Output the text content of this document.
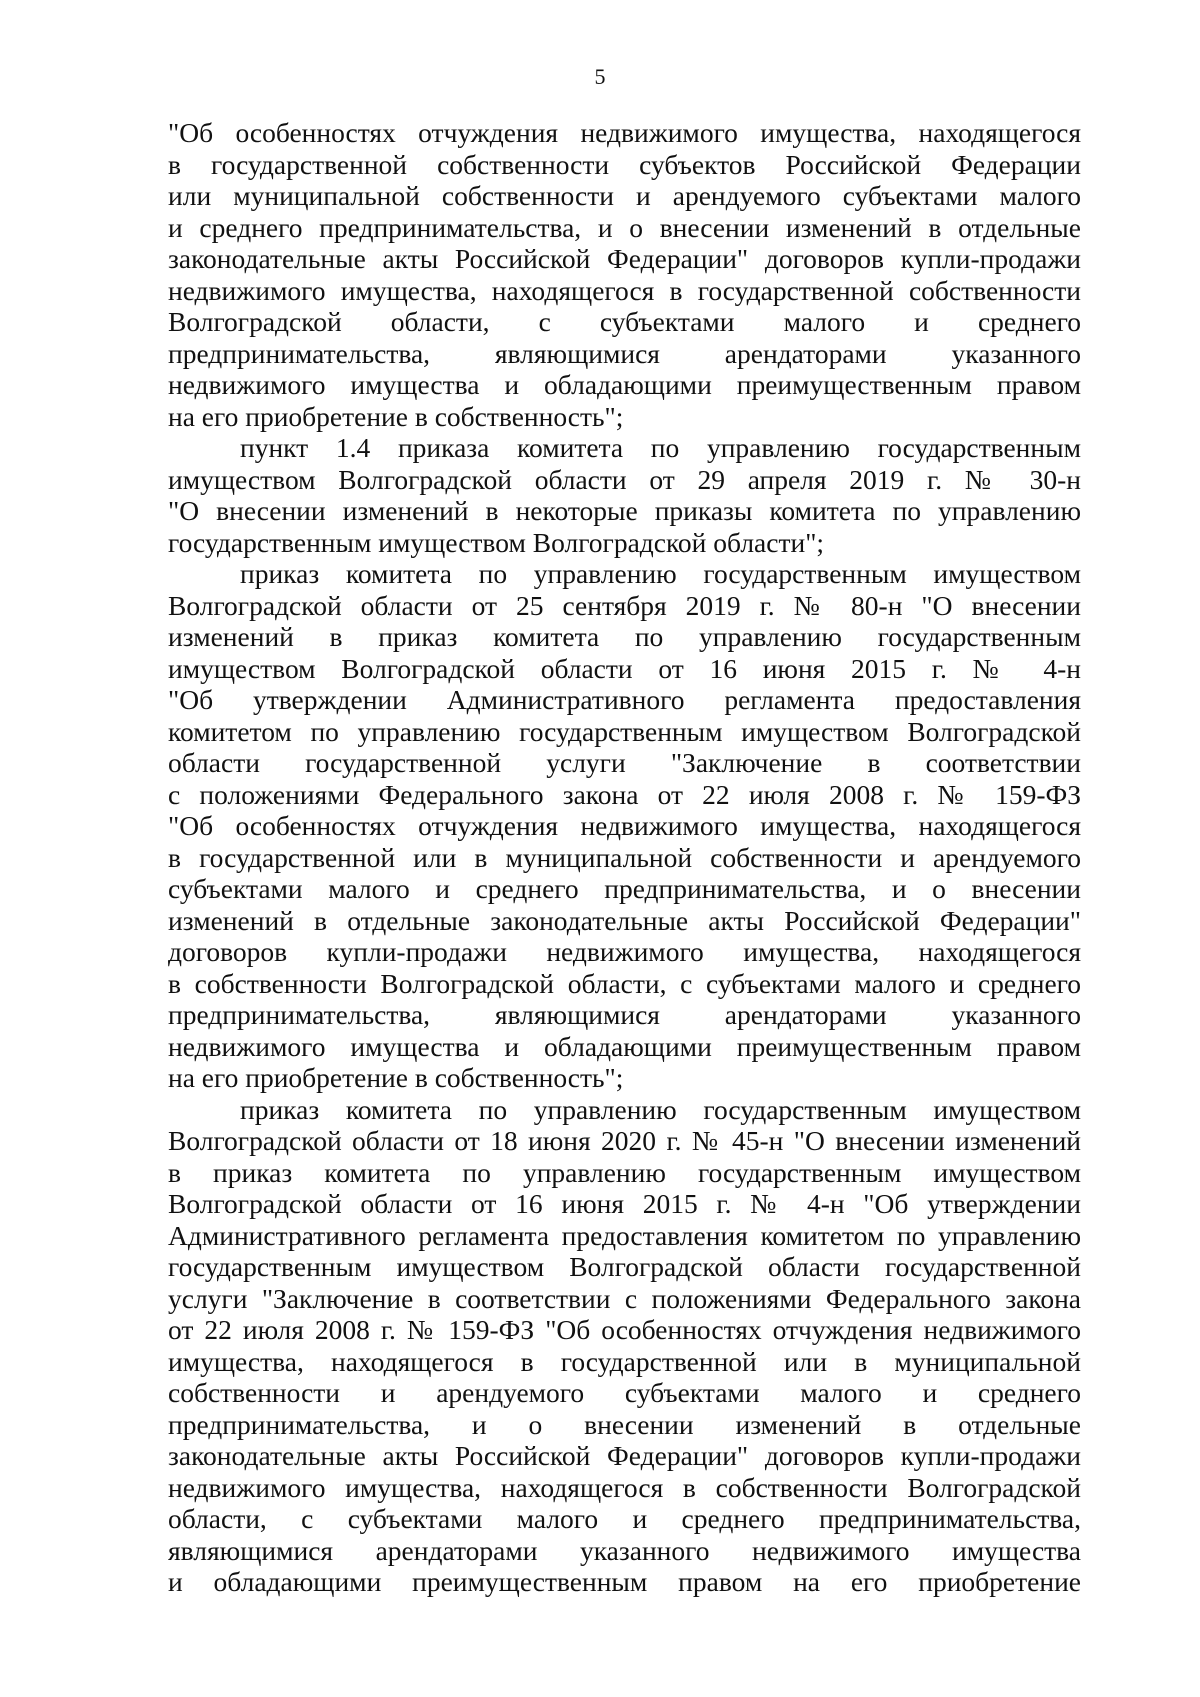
5
"Об особенностях отчуждения недвижимого имущества, находящегося
в государственной собственности субъектов Российской Федерации
или муниципальной собственности и арендуемого субъектами малого
и среднего предпринимательства, и о внесении изменений в отдельные
законодательные акты Российской Федерации" договоров купли-продажи
недвижимого имущества, находящегося в государственной собственности
Волгоградской области, с субъектами малого и среднего
предпринимательства, являющимися арендаторами указанного
недвижимого имущества и обладающими преимущественным правом
на его приобретение в собственность";
пункт 1.4 приказа комитета по управлению государственным
имуществом Волгоградской области от 29 апреля 2019 г. № 30-н
"О внесении изменений в некоторые приказы комитета по управлению
государственным имуществом Волгоградской области";
приказ комитета по управлению государственным имуществом
Волгоградской области от 25 сентября 2019 г. № 80-н "О внесении
изменений в приказ комитета по управлению государственным
имуществом Волгоградской области от 16 июня 2015 г. № 4-н
"Об утверждении Административного регламента предоставления
комитетом по управлению государственным имуществом Волгоградской
области государственной услуги "Заключение в соответствии
с положениями Федерального закона от 22 июля 2008 г. № 159-ФЗ
"Об особенностях отчуждения недвижимого имущества, находящегося
в государственной или в муниципальной собственности и арендуемого
субъектами малого и среднего предпринимательства, и о внесении
изменений в отдельные законодательные акты Российской Федерации"
договоров купли-продажи недвижимого имущества, находящегося
в собственности Волгоградской области, с субъектами малого и среднего
предпринимательства, являющимися арендаторами указанного
недвижимого имущества и обладающими преимущественным правом
на его приобретение в собственность";
приказ комитета по управлению государственным имуществом
Волгоградской области от 18 июня 2020 г. № 45-н "О внесении изменений
в приказ комитета по управлению государственным имуществом
Волгоградской области от 16 июня 2015 г. № 4-н "Об утверждении
Административного регламента предоставления комитетом по управлению
государственным имуществом Волгоградской области государственной
услуги "Заключение в соответствии с положениями Федерального закона
от 22 июля 2008 г. № 159-ФЗ "Об особенностях отчуждения недвижимого
имущества, находящегося в государственной или в муниципальной
собственности и арендуемого субъектами малого и среднего
предпринимательства, и о внесении изменений в отдельные
законодательные акты Российской Федерации" договоров купли-продажи
недвижимого имущества, находящегося в собственности Волгоградской
области, с субъектами малого и среднего предпринимательства,
являющимися арендаторами указанного недвижимого имущества
и обладающими преимущественным правом на его приобретение
